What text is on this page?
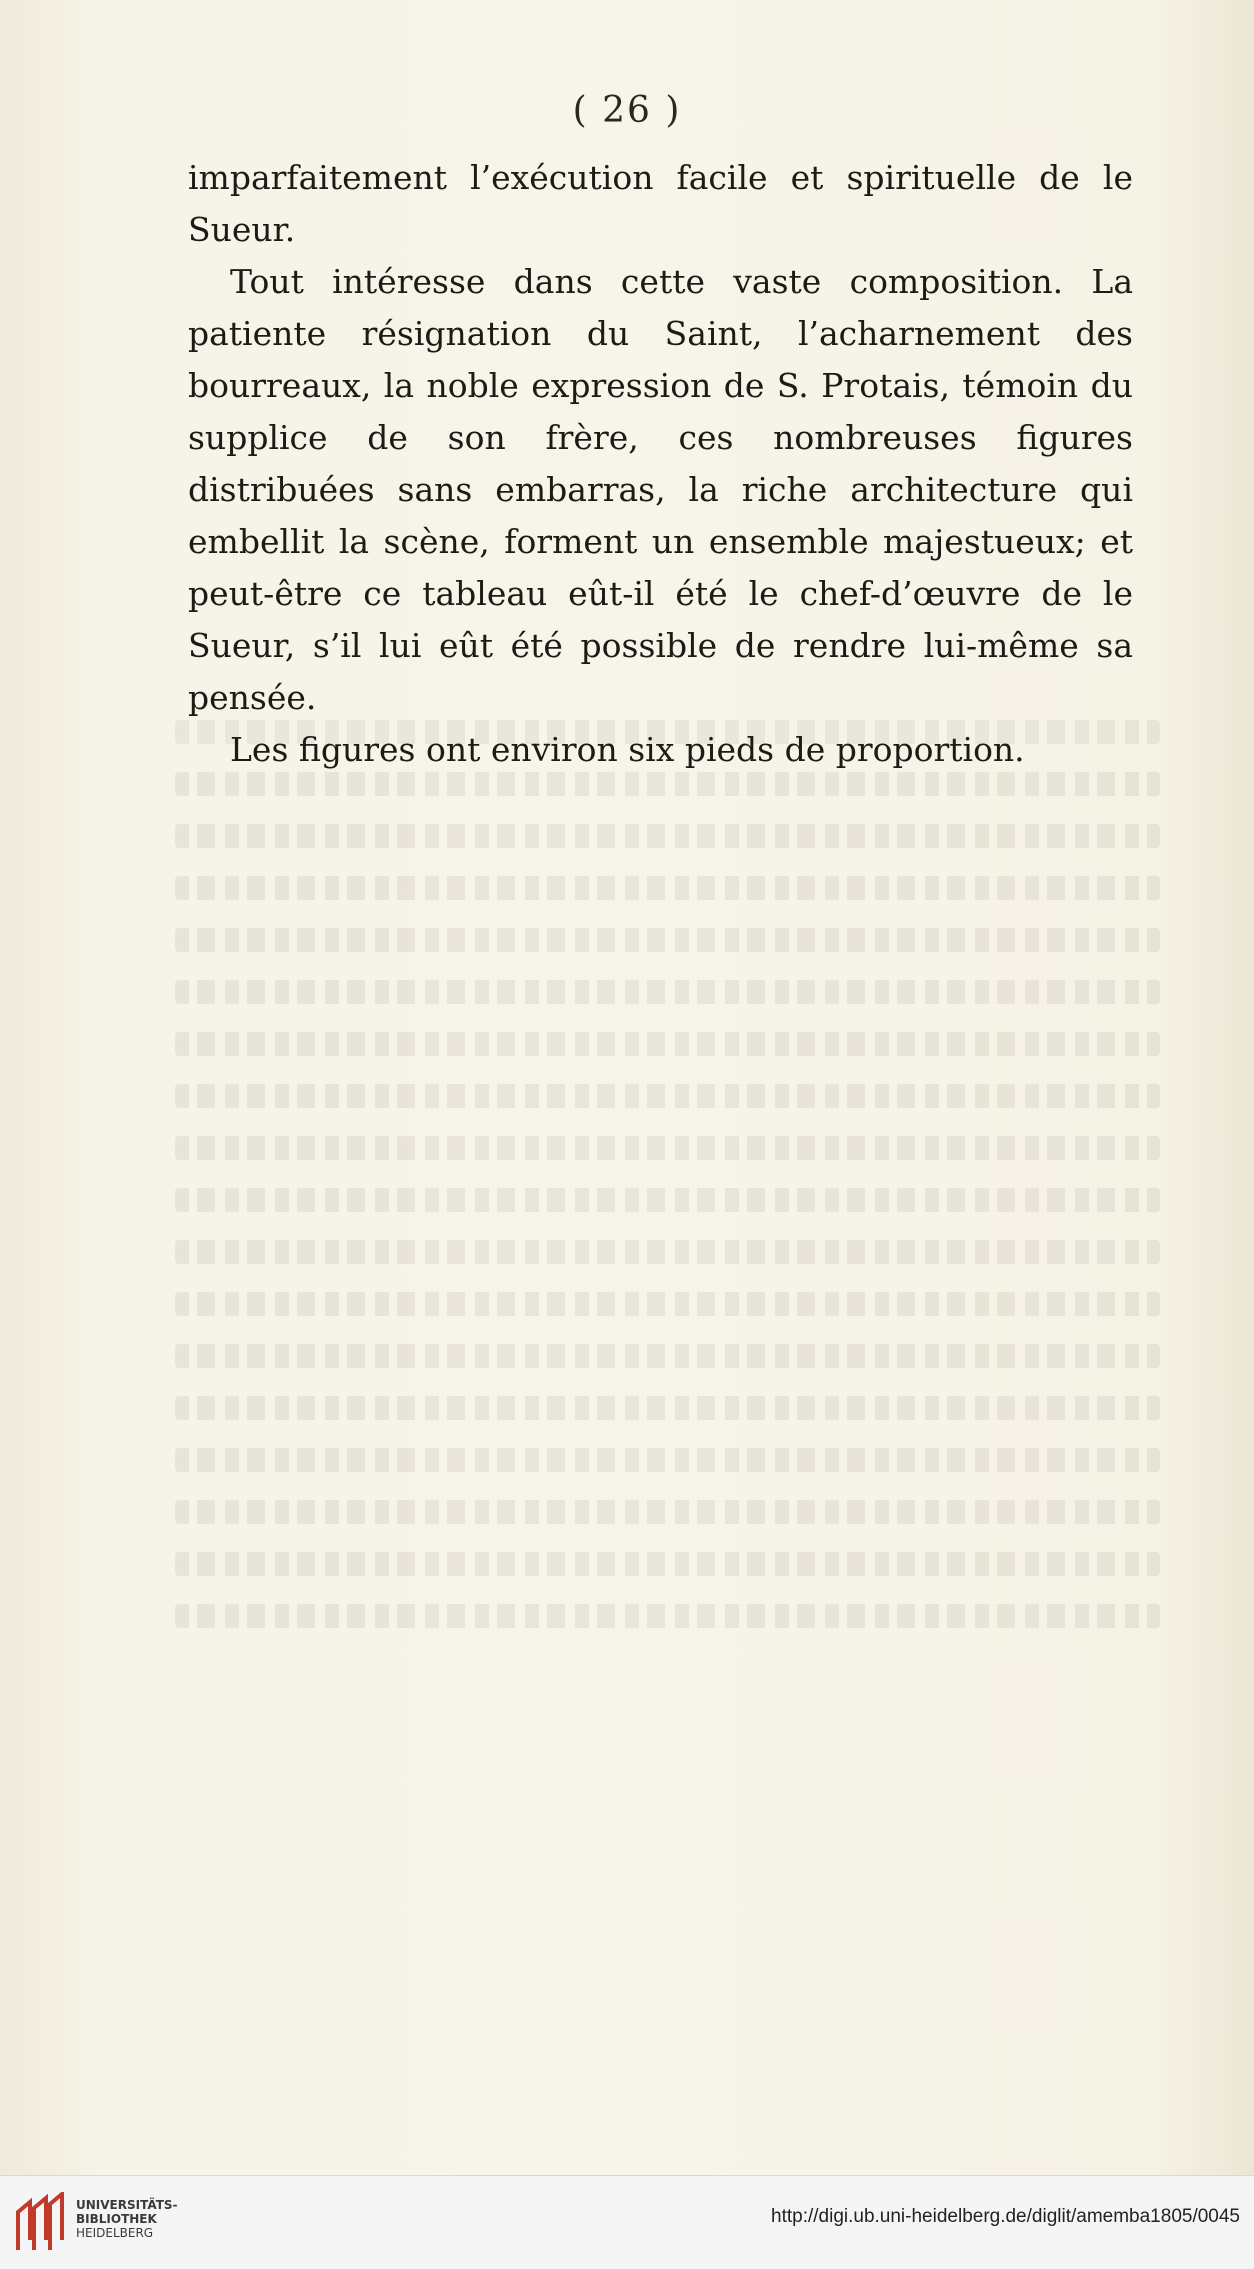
( 26 )

imparfaitement l’exécution facile et spirituelle de le Sueur.

Tout intéresse dans cette vaste composition. La patiente résignation du Saint, l’acharnement des bourreaux, la noble expression de S. Protais, témoin du supplice de son frère, ces nombreuses figures distribuées sans embarras, la riche architecture qui embellit la scène, forment un ensemble majestueux; et peut-être ce tableau eût-il été le chef-d’œuvre de le Sueur, s’il lui eût été possible de rendre lui-même sa pensée.

Les figures ont environ six pieds de proportion.

UNIVERSITÄTS-
BIBLIOTHEK
HEIDELBERG
http://digi.ub.uni-heidelberg.de/diglit/amemba1805/0045
